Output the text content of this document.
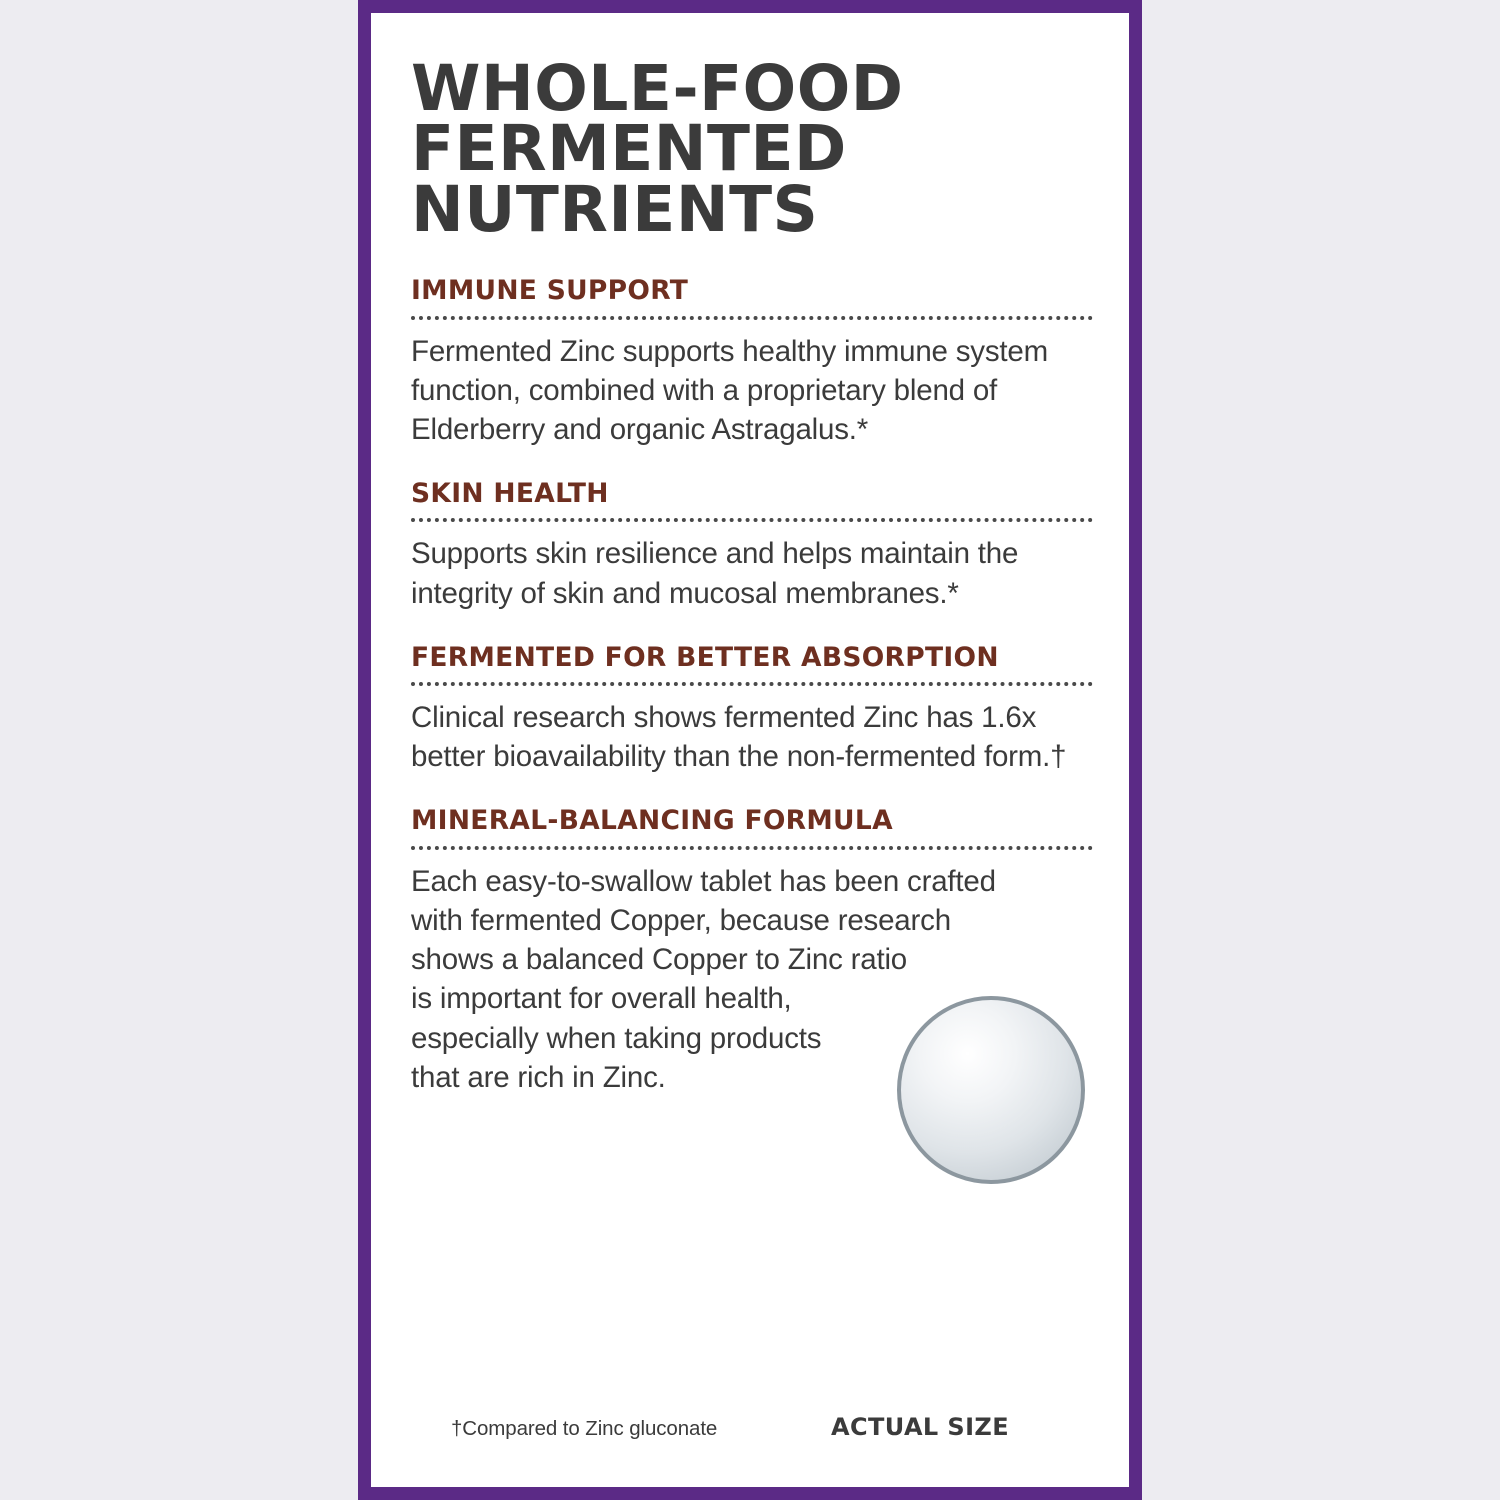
WHOLE-FOOD
FERMENTED
NUTRIENTS
IMMUNE SUPPORT
Fermented Zinc supports healthy immune system
function, combined with a proprietary blend of
Elderberry and organic Astragalus.*
SKIN HEALTH
Supports skin resilience and helps maintain the
integrity of skin and mucosal membranes.*
FERMENTED FOR BETTER ABSORPTION
Clinical research shows fermented Zinc has 1.6x
better bioavailability than the non-fermented form.†
MINERAL-BALANCING FORMULA
Each easy-to-swallow tablet has been crafted
with fermented Copper, because research
shows a balanced Copper to Zinc ratio
is important for overall health,
especially when taking products
that are rich in Zinc.
†Compared to Zinc gluconate	ACTUAL SIZE
